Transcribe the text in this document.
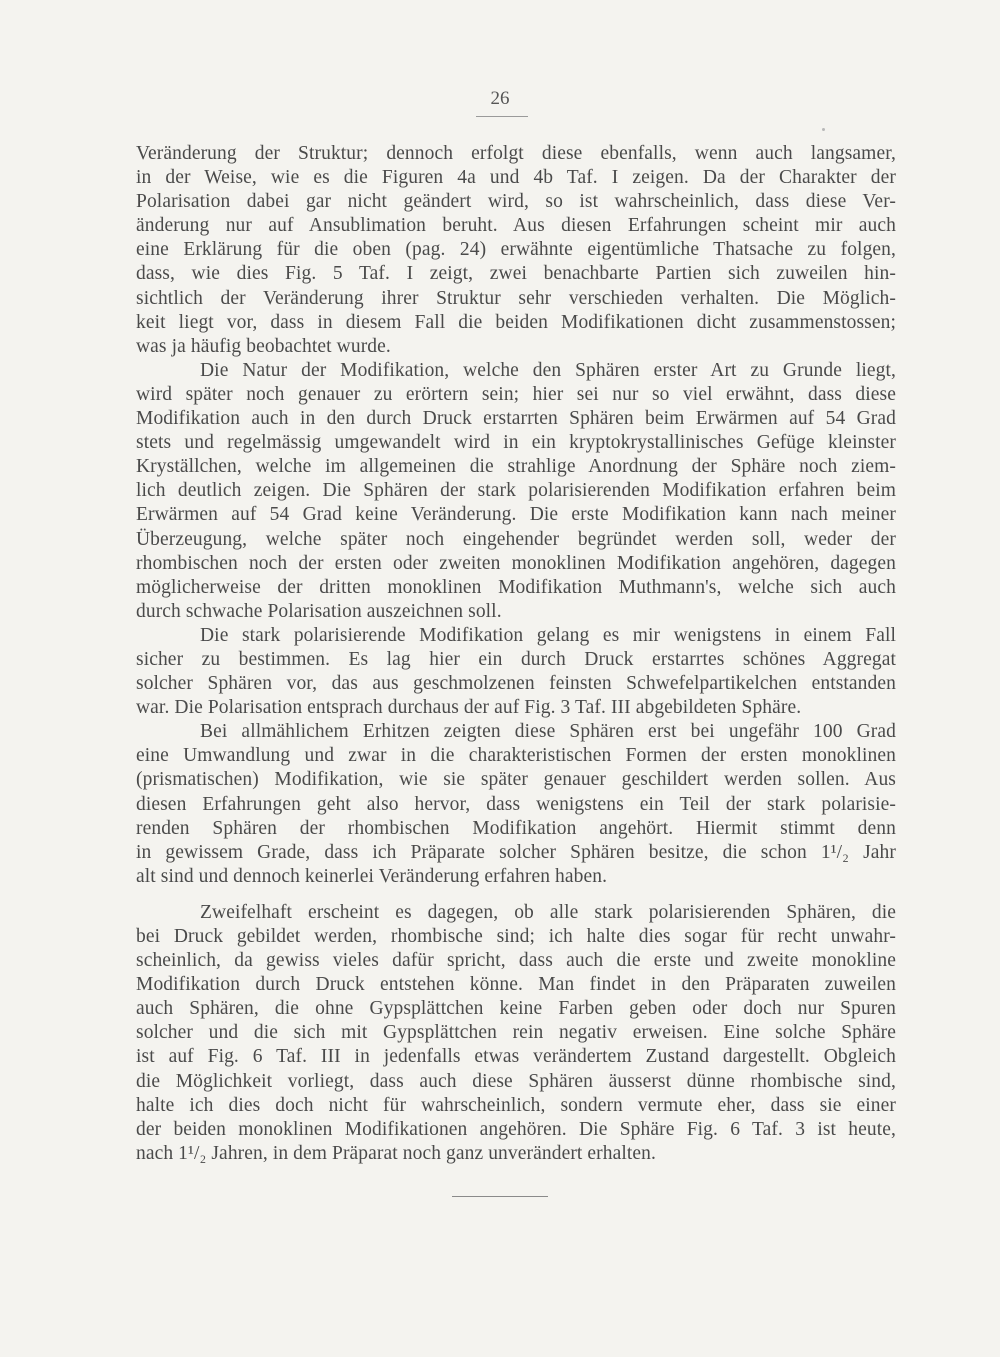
26
Veränderung der Struktur; dennoch erfolgt diese ebenfalls, wenn auch langsamer,
in der Weise, wie es die Figuren 4a und 4b Taf. I zeigen. Da der Charakter der
Polarisation dabei gar nicht geändert wird, so ist wahrscheinlich, dass diese Ver-
änderung nur auf Ansublimation beruht. Aus diesen Erfahrungen scheint mir auch
eine Erklärung für die oben (pag. 24) erwähnte eigentümliche Thatsache zu folgen,
dass, wie dies Fig. 5 Taf. I zeigt, zwei benachbarte Partien sich zuweilen hin-
sichtlich der Veränderung ihrer Struktur sehr verschieden verhalten. Die Möglich-
keit liegt vor, dass in diesem Fall die beiden Modifikationen dicht zusammenstossen;
was ja häufig beobachtet wurde.
Die Natur der Modifikation, welche den Sphären erster Art zu Grunde liegt,
wird später noch genauer zu erörtern sein; hier sei nur so viel erwähnt, dass diese
Modifikation auch in den durch Druck erstarrten Sphären beim Erwärmen auf 54 Grad
stets und regelmässig umgewandelt wird in ein kryptokrystallinisches Gefüge kleinster
Kryställchen, welche im allgemeinen die strahlige Anordnung der Sphäre noch ziem-
lich deutlich zeigen. Die Sphären der stark polarisierenden Modifikation erfahren beim
Erwärmen auf 54 Grad keine Veränderung. Die erste Modifikation kann nach meiner
Überzeugung, welche später noch eingehender begründet werden soll, weder der
rhombischen noch der ersten oder zweiten monoklinen Modifikation angehören, dagegen
möglicherweise der dritten monoklinen Modifikation Muthmann's, welche sich auch
durch schwache Polarisation auszeichnen soll.
Die stark polarisierende Modifikation gelang es mir wenigstens in einem Fall
sicher zu bestimmen. Es lag hier ein durch Druck erstarrtes schönes Aggregat
solcher Sphären vor, das aus geschmolzenen feinsten Schwefelpartikelchen entstanden
war. Die Polarisation entsprach durchaus der auf Fig. 3 Taf. III abgebildeten Sphäre.
Bei allmählichem Erhitzen zeigten diese Sphären erst bei ungefähr 100 Grad
eine Umwandlung und zwar in die charakteristischen Formen der ersten monoklinen
(prismatischen) Modifikation, wie sie später genauer geschildert werden sollen. Aus
diesen Erfahrungen geht also hervor, dass wenigstens ein Teil der stark polarisie-
renden Sphären der rhombischen Modifikation angehört. Hiermit stimmt denn
in gewissem Grade, dass ich Präparate solcher Sphären besitze, die schon 1¹/₂ Jahr
alt sind und dennoch keinerlei Veränderung erfahren haben.
Zweifelhaft erscheint es dagegen, ob alle stark polarisierenden Sphären, die
bei Druck gebildet werden, rhombische sind; ich halte dies sogar für recht unwahr-
scheinlich, da gewiss vieles dafür spricht, dass auch die erste und zweite monokline
Modifikation durch Druck entstehen könne. Man findet in den Präparaten zuweilen
auch Sphären, die ohne Gypsplättchen keine Farben geben oder doch nur Spuren
solcher und die sich mit Gypsplättchen rein negativ erweisen. Eine solche Sphäre
ist auf Fig. 6 Taf. III in jedenfalls etwas verändertem Zustand dargestellt. Obgleich
die Möglichkeit vorliegt, dass auch diese Sphären äusserst dünne rhombische sind,
halte ich dies doch nicht für wahrscheinlich, sondern vermute eher, dass sie einer
der beiden monoklinen Modifikationen angehören. Die Sphäre Fig. 6 Taf. 3 ist heute,
nach 1¹/₂ Jahren, in dem Präparat noch ganz unverändert erhalten.
